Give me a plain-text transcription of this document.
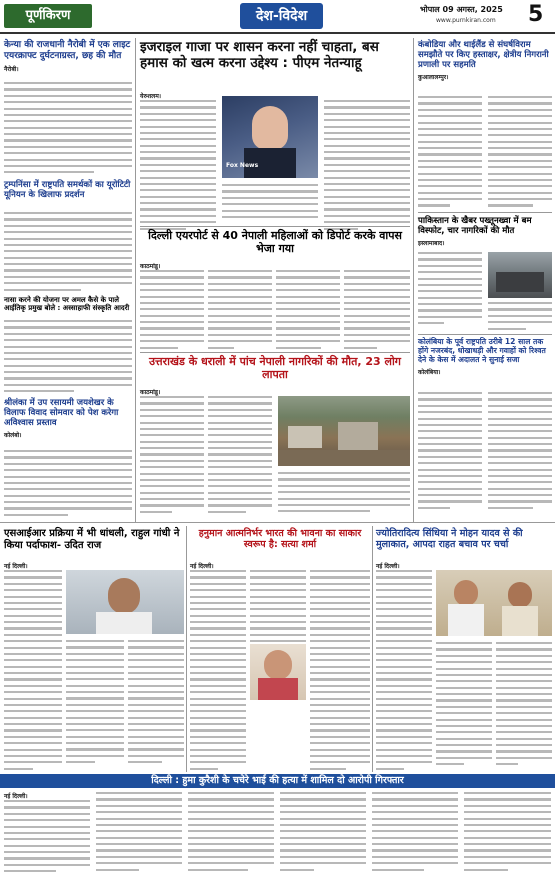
पूर्णकिरण	देश-विदेश	भोपाल 09 अगस्त, 2025
www.purnkiran.com 5
केन्या की राजधानी नैरोबी में एक लाइट एयरक्राफ्ट दुर्घटनाग्रस्त, छह की मौत
नैरोबी।
ट्रम्पनिंसा में राष्ट्रपति समर्थकों का यूरोटिटी यूनियन के खिलाफ प्रदर्शन
नासा करने की योजना पर अमल कैसे के पाले आईतिकृ प्रमुख बोले : अस्साहाफी संस्कृति आदरी
श्रीलंका में उप रसायमी जयशेखर के विलाफ विवाद सोमवार को पेश करेगा अविश्वास प्रस्ताव
कोलंबो।
इजराइल गाजा पर शासन करना नहीं चाहता, बस हमास को खत्म करना उद्देश्य : पीएम नेतन्याहू
येरुशलम।
Fox News
दिल्ली एयरपोर्ट से 40 नेपाली महिलाओं को डिपोर्ट करके वापस भेजा गया
काठमांडू।
उत्तराखंड के धराली में पांच नेपाली नागरिकों की मौत, 23 लोग लापता
काठमांडू।
कंबोडिया और थाईलैंड से संघर्षविराम समझौते पर किए हस्ताक्षर, क्षेत्रीय निगरानी प्रणाली पर सहमति
कुआलालम्पुर।
पाकिस्तान के खैबर पख्तूनख्वा में बम विस्फोट, चार नागरिकों की मौत
इस्लामाबाद।
कोलंबिया के पूर्व राष्ट्रपति उरीबे 12 साल तक होंगे नजरबंद, धोखाधड़ी और गवाहों को रिश्वत देने के केस में अदालत ने सुनाई सजा
कोलंबिया।
एसआईआर प्रक्रिया में भी धांधली, राहुल गांधी ने किया पर्दाफाश- उदित राज
नई दिल्ली।
हनुमान आत्मनिर्भर भारत की भावना का साकार स्वरूप है: सत्या शर्मा
नई दिल्ली।
ज्योतिरादित्य सिंधिया ने मोहन यादव से की मुलाकात, आपदा राहत बचाव पर चर्चा
नई दिल्ली।
दिल्ली : हुमा कुरैशी के चचेरे भाई की हत्या में शामिल दो आरोपी गिरफ्तार
नई दिल्ली।
